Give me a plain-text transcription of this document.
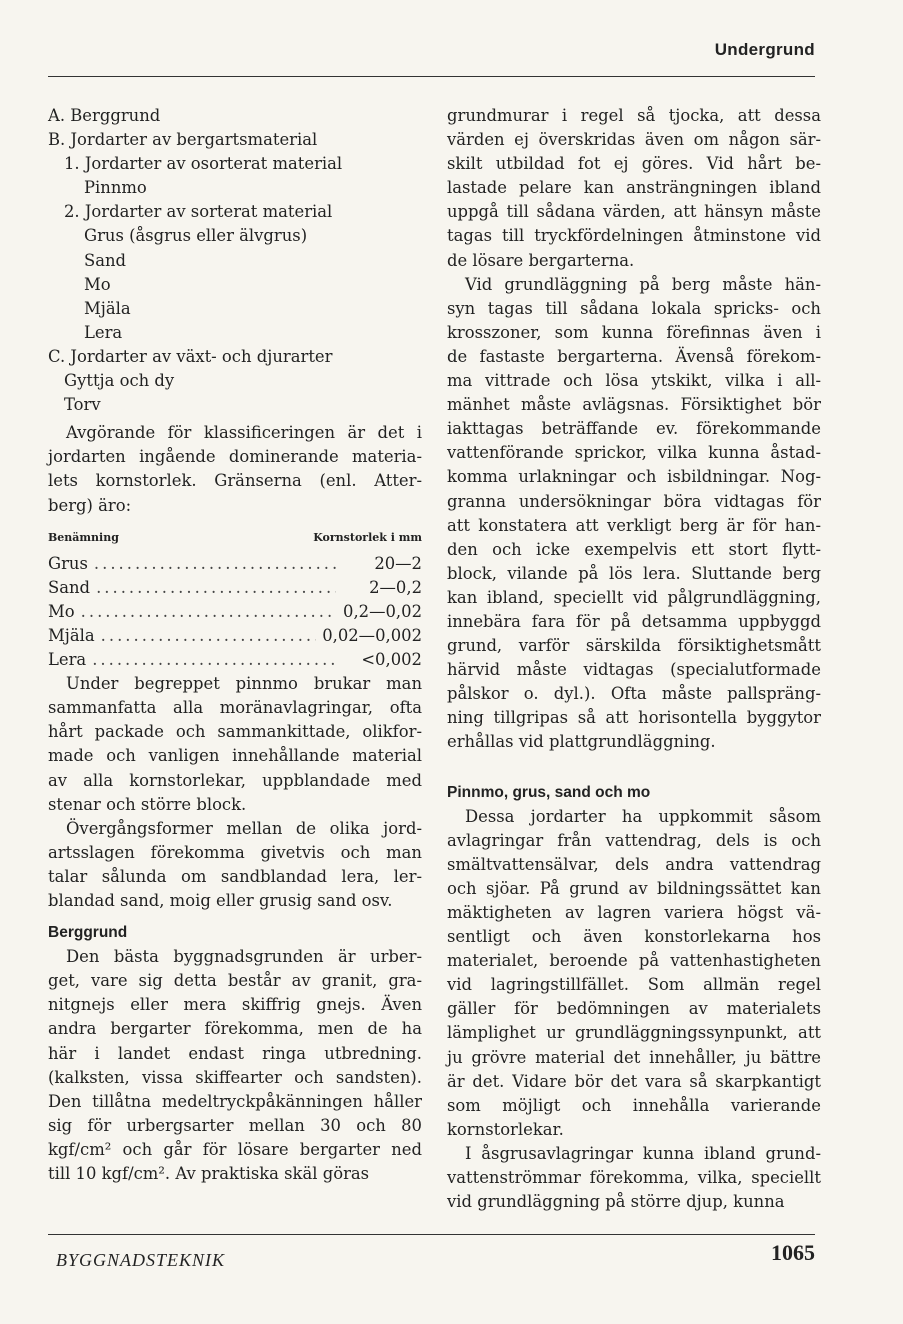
Undergrund
A. Berggrund
B. Jordarter av bergartsmaterial
1. Jordarter av osorterat material
Pinnmo
2. Jordarter av sorterat material
Grus (åsgrus eller älvgrus)
Sand
Mo
Mjäla
Lera
C. Jordarter av växt- och djurarter
Gyttja och dy
Torv
Avgörande för klassificeringen är det i
jordarten ingående dominerande materia-
lets kornstorlek. Gränserna (enl. Atter-
berg) äro:
Benämning	Kornstorlek i mm
Grus .....	20—2
Sand .....	2—0,2
Mo .....	0,2—0,02
Mjäla .....	0,02—0,002
Lera .....	<0,002
Under begreppet pinnmo brukar man
sammanfatta alla moränavlagringar, ofta
hårt packade och sammankittade, olikfor-
made och vanligen innehållande material
av alla kornstorlekar, uppblandade med
stenar och större block.
Övergångsformer mellan de olika jord-
artsslagen förekomma givetvis och man
talar sålunda om sandblandad lera, ler-
blandad sand, moig eller grusig sand osv.
Berggrund
Den bästa byggnadsgrunden är urber-
get, vare sig detta består av granit, gra-
nitgnejs eller mera skiffrig gnejs. Även
andra bergarter förekomma, men de ha
här i landet endast ringa utbredning.
(kalksten, vissa skiffearter och sandsten).
Den tillåtna medeltryckpåkänningen håller
sig för urbergsarter mellan 30 och 80
kgf/cm² och går för lösare bergarter ned
till 10 kgf/cm². Av praktiska skäl göras
grundmurar i regel så tjocka, att dessa
värden ej överskridas även om någon sär-
skilt utbildad fot ej göres. Vid hårt be-
lastade pelare kan ansträngningen ibland
uppgå till sådana värden, att hänsyn måste
tagas till tryckfördelningen åtminstone vid
de lösare bergarterna.
Vid grundläggning på berg måste hän-
syn tagas till sådana lokala spricks- och
krosszoner, som kunna förefinnas även i
de fastaste bergarterna. Ävenså förekom-
ma vittrade och lösa ytskikt, vilka i all-
mänhet måste avlägsnas. Försiktighet bör
iakttagas beträffande ev. förekommande
vattenförande sprickor, vilka kunna åstad-
komma urlakningar och isbildningar. Nog-
granna undersökningar böra vidtagas för
att konstatera att verkligt berg är för han-
den och icke exempelvis ett stort flytt-
block, vilande på lös lera. Sluttande berg
kan ibland, speciellt vid pålgrundläggning,
innebära fara för på detsamma uppbyggd
grund, varför särskilda försiktighetsmått
härvid måste vidtagas (specialutformade
pålskor o. dyl.). Ofta måste pallspräng-
ning tillgripas så att horisontella byggytor
erhållas vid plattgrundläggning.
Pinnmo, grus, sand och mo
Dessa jordarter ha uppkommit såsom
avlagringar från vattendrag, dels is och
smältvattensälvar, dels andra vattendrag
och sjöar. På grund av bildningssättet kan
mäktigheten av lagren variera högst vä-
sentligt och även konstorlekarna hos
materialet, beroende på vattenhastigheten
vid lagringstillfället. Som allmän regel
gäller för bedömningen av materialets
lämplighet ur grundläggningssynpunkt, att
ju grövre material det innehåller, ju bättre
är det. Vidare bör det vara så skarpkantigt
som möjligt och innehålla varierande
kornstorlekar.
I åsgrusavlagringar kunna ibland grund-
vattenströmmar förekomma, vilka, speciellt
vid grundläggning på större djup, kunna
BYGGNADSTEKNIK	1065
